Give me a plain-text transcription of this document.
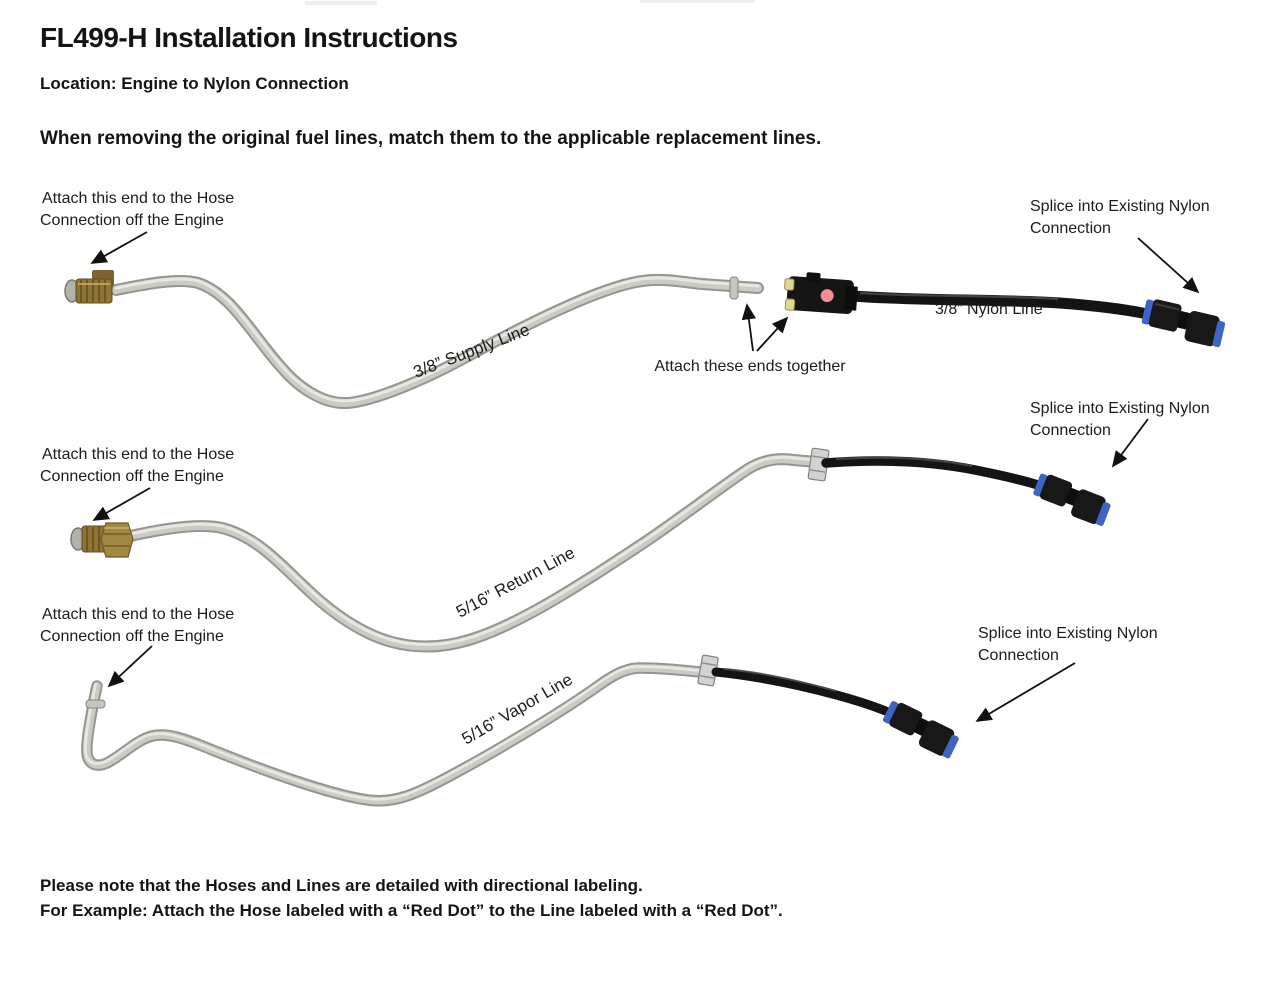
FL499-H Installation Instructions
Location: Engine to Nylon Connection
When removing the original fuel lines, match them to the applicable replacement lines.
Attach this end to the Hose
Connection off the Engine
Splice into Existing Nylon
Connection
Attach these ends together
3/8” Nylon Line
3/8” Supply Line
Attach this end to the Hose
Connection off the Engine
Splice into Existing Nylon
Connection
5/16” Return Line
Attach this end to the Hose
Connection off the Engine	Splice into Existing Nylon
Connection
5/16” Vapor Line
Please note that the Hoses and Lines are detailed with directional labeling.
For Example: Attach the Hose labeled with a “Red Dot” to the Line labeled with a “Red Dot”.
